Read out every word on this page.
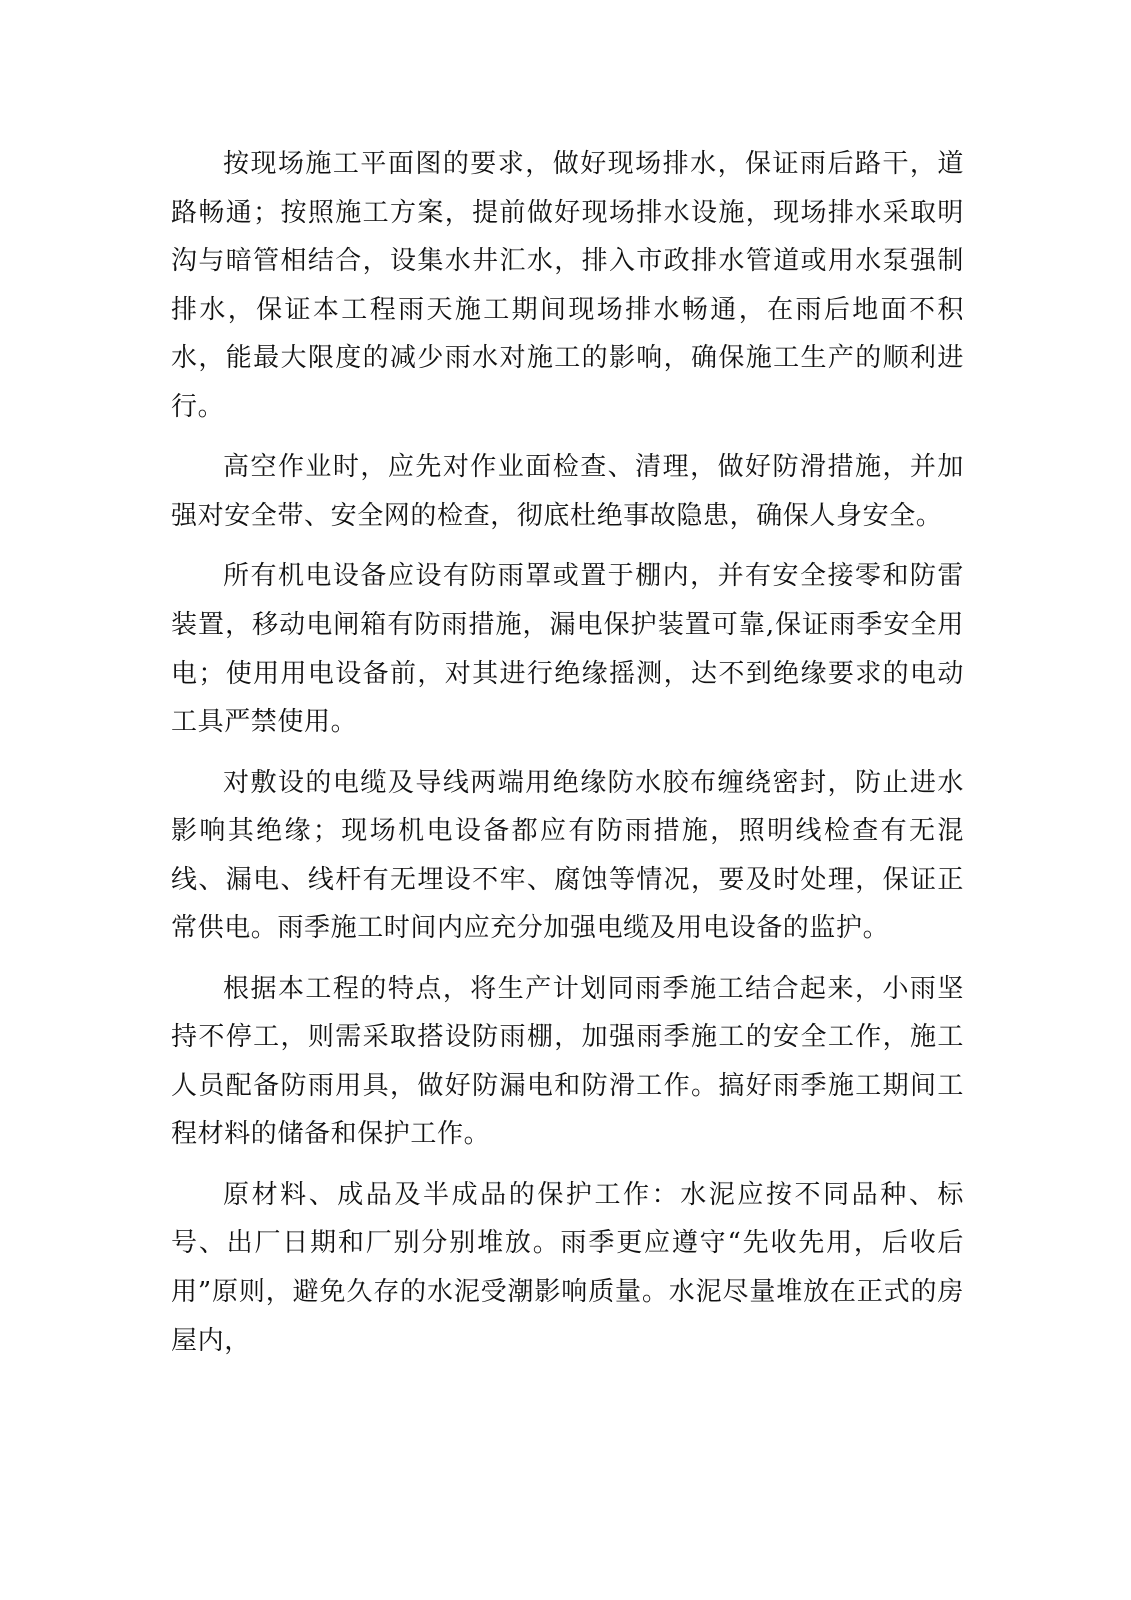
按现场施工平面图的要求，做好现场排水，保证雨后路干，道路畅通；按照施工方案，提前做好现场排水设施，现场排水采取明沟与暗管相结合，设集水井汇水，排入市政排水管道或用水泵强制排水，保证本工程雨天施工期间现场排水畅通，在雨后地面不积水，能最大限度的减少雨水对施工的影响，确保施工生产的顺利进行。

高空作业时，应先对作业面检查、清理，做好防滑措施，并加强对安全带、安全网的检查，彻底杜绝事故隐患，确保人身安全。

所有机电设备应设有防雨罩或置于棚内，并有安全接零和防雷装置，移动电闸箱有防雨措施，漏电保护装置可靠,保证雨季安全用电；使用用电设备前，对其进行绝缘摇测，达不到绝缘要求的电动工具严禁使用。

对敷设的电缆及导线两端用绝缘防水胶布缠绕密封，防止进水影响其绝缘；现场机电设备都应有防雨措施，照明线检查有无混线、漏电、线杆有无埋设不牢、腐蚀等情况，要及时处理，保证正常供电。雨季施工时间内应充分加强电缆及用电设备的监护。

根据本工程的特点，将生产计划同雨季施工结合起来，小雨坚持不停工，则需采取搭设防雨棚，加强雨季施工的安全工作，施工人员配备防雨用具，做好防漏电和防滑工作。搞好雨季施工期间工程材料的储备和保护工作。

原材料、成品及半成品的保护工作：水泥应按不同品种、标号、出厂日期和厂别分别堆放。雨季更应遵守“先收先用，后收后用”原则，避免久存的水泥受潮影响质量。水泥尽量堆放在正式的房屋内，
